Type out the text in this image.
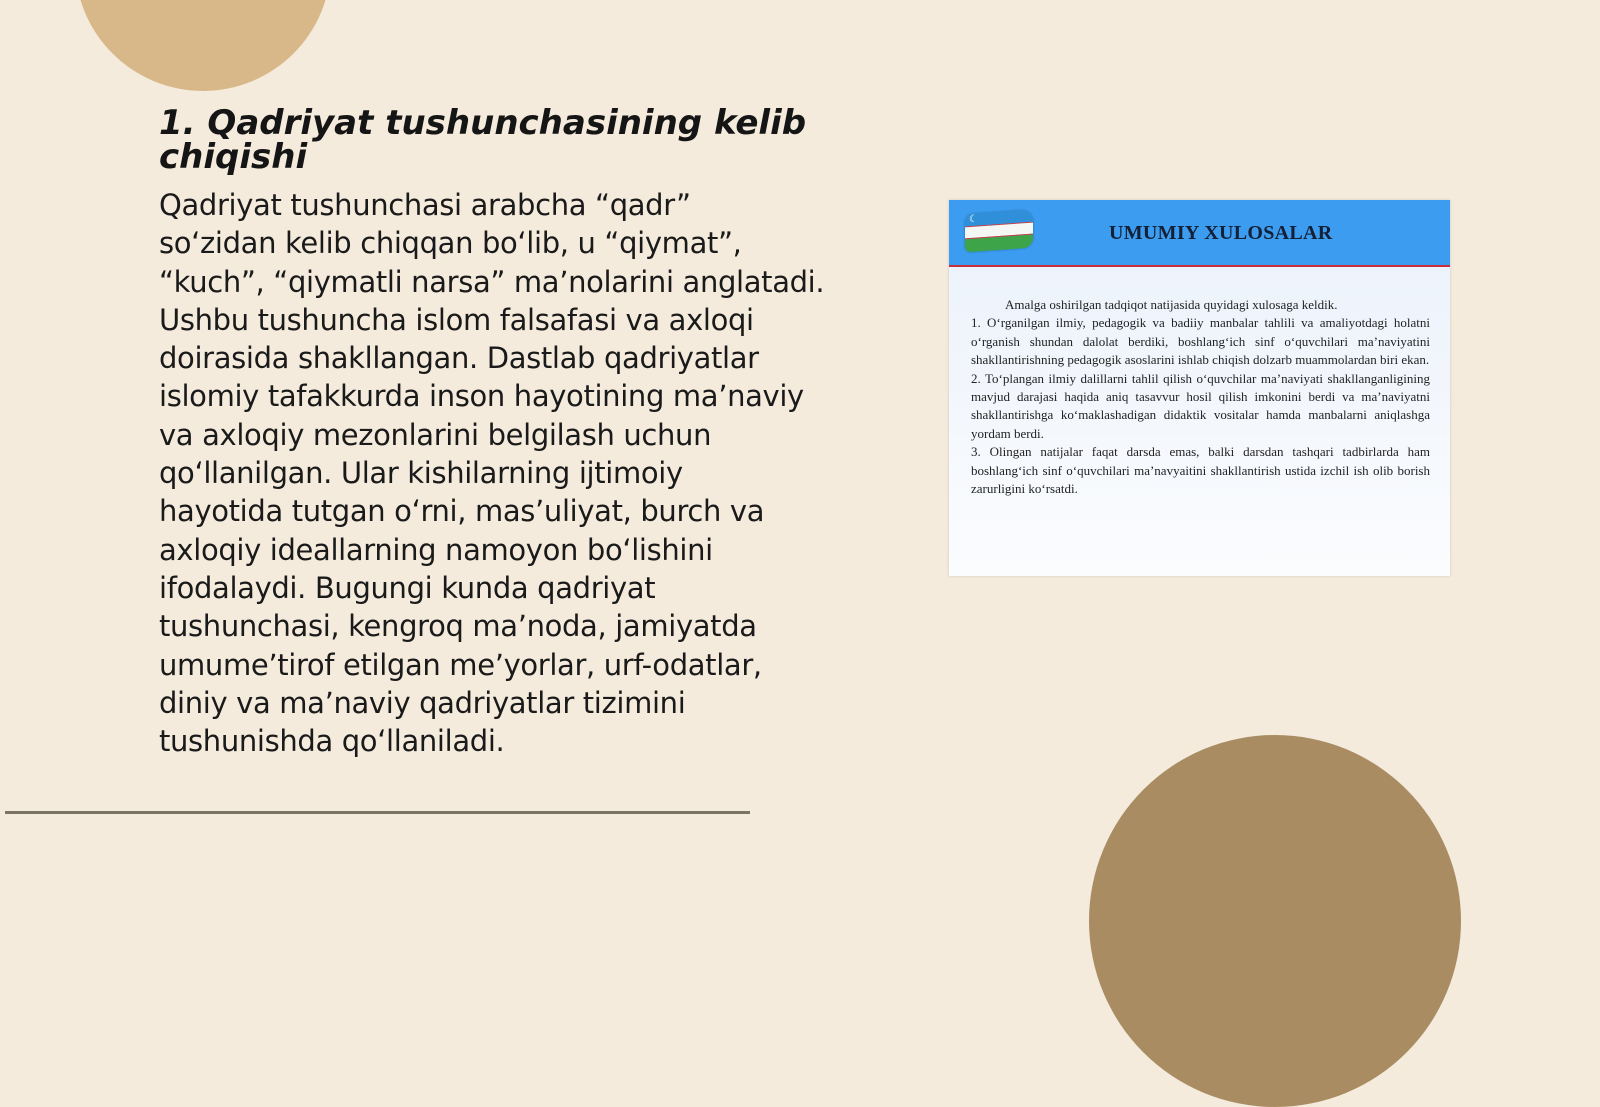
1. Qadriyat tushunchasining kelib chiqishi
Qadriyat tushunchasi arabcha “qadr”
so‘zidan kelib chiqqan bo‘lib, u “qiymat”,
“kuch”, “qiymatli narsa” ma’nolarini anglatadi.
Ushbu tushuncha islom falsafasi va axloqi
doirasida shakllangan. Dastlab qadriyatlar
islomiy tafakkurda inson hayotining ma’naviy
va axloqiy mezonlarini belgilash uchun
qo‘llanilgan. Ular kishilarning ijtimoiy
hayotida tutgan o‘rni, mas’uliyat, burch va
axloqiy ideallarning namoyon bo‘lishini
ifodalaydi. Bugungi kunda qadriyat
tushunchasi, kengroq ma’noda, jamiyatda
umume’tirof etilgan me’yorlar, urf-odatlar,
diniy va ma’naviy qadriyatlar tizimini
tushunishda qo‘llaniladi.
☾
UMUMIY XULOSALAR

Amalga oshirilgan tadqiqot natijasida quyidagi xulosaga keldik.

1. O‘rganilgan ilmiy, pedagogik va badiiy manbalar tahlili va amaliyotdagi holatni o‘rganish shundan dalolat berdiki, boshlang‘ich sinf o‘quvchilari ma’naviyatini shakllantirishning pedagogik asoslarini ishlab chiqish dolzarb muammolardan biri ekan.

2. To‘plangan ilmiy dalillarni tahlil qilish o‘quvchilar ma’naviyati shakllanganligining mavjud darajasi haqida aniq tasavvur hosil qilish imkonini berdi va ma’naviyatni shakllantirishga ko‘maklashadigan didaktik vositalar hamda manbalarni aniqlashga yordam berdi.

3. Olingan natijalar faqat darsda emas, balki darsdan tashqari tadbirlarda ham boshlang‘ich sinf o‘quvchilari ma’navyaitini shakllantirish ustida izchil ish olib borish zarurligini ko‘rsatdi.
